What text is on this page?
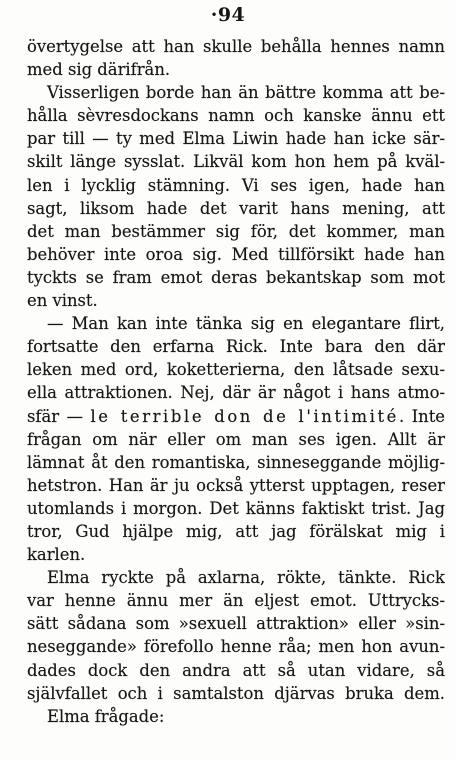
·94
övertygelse att han skulle behålla hennes namn
med sig därifrån.
Visserligen borde han än bättre komma att be-
hålla sèvresdockans namn och kanske ännu ett
par till — ty med Elma Liwin hade han icke sär-
skilt länge sysslat. Likväl kom hon hem på kväl-
len i lycklig stämning. Vi ses igen, hade han
sagt, liksom hade det varit hans mening, att
det man bestämmer sig för, det kommer, man
behöver inte oroa sig. Med tillförsikt hade han
tyckts se fram emot deras bekantskap som mot
en vinst.
— Man kan inte tänka sig en elegantare flirt,
fortsatte den erfarna Rick. Inte bara den där
leken med ord, koketterierna, den låtsade sexu-
ella attraktionen. Nej, där är något i hans atmo-
sfär — le terrible don de l'intimité. Inte
frågan om när eller om man ses igen. Allt är
lämnat åt den romantiska, sinneseggande möjlig-
hetstron. Han är ju också ytterst upptagen, reser
utomlands i morgon. Det känns faktiskt trist. Jag
tror, Gud hjälpe mig, att jag förälskat mig i
karlen.
Elma ryckte på axlarna, rökte, tänkte. Rick
var henne ännu mer än eljest emot. Uttrycks-
sätt sådana som »sexuell attraktion» eller »sin-
neseggande» förefollo henne råa; men hon avun-
dades dock den andra att så utan vidare, så
självfallet och i samtalston djärvas bruka dem.
Elma frågade:
